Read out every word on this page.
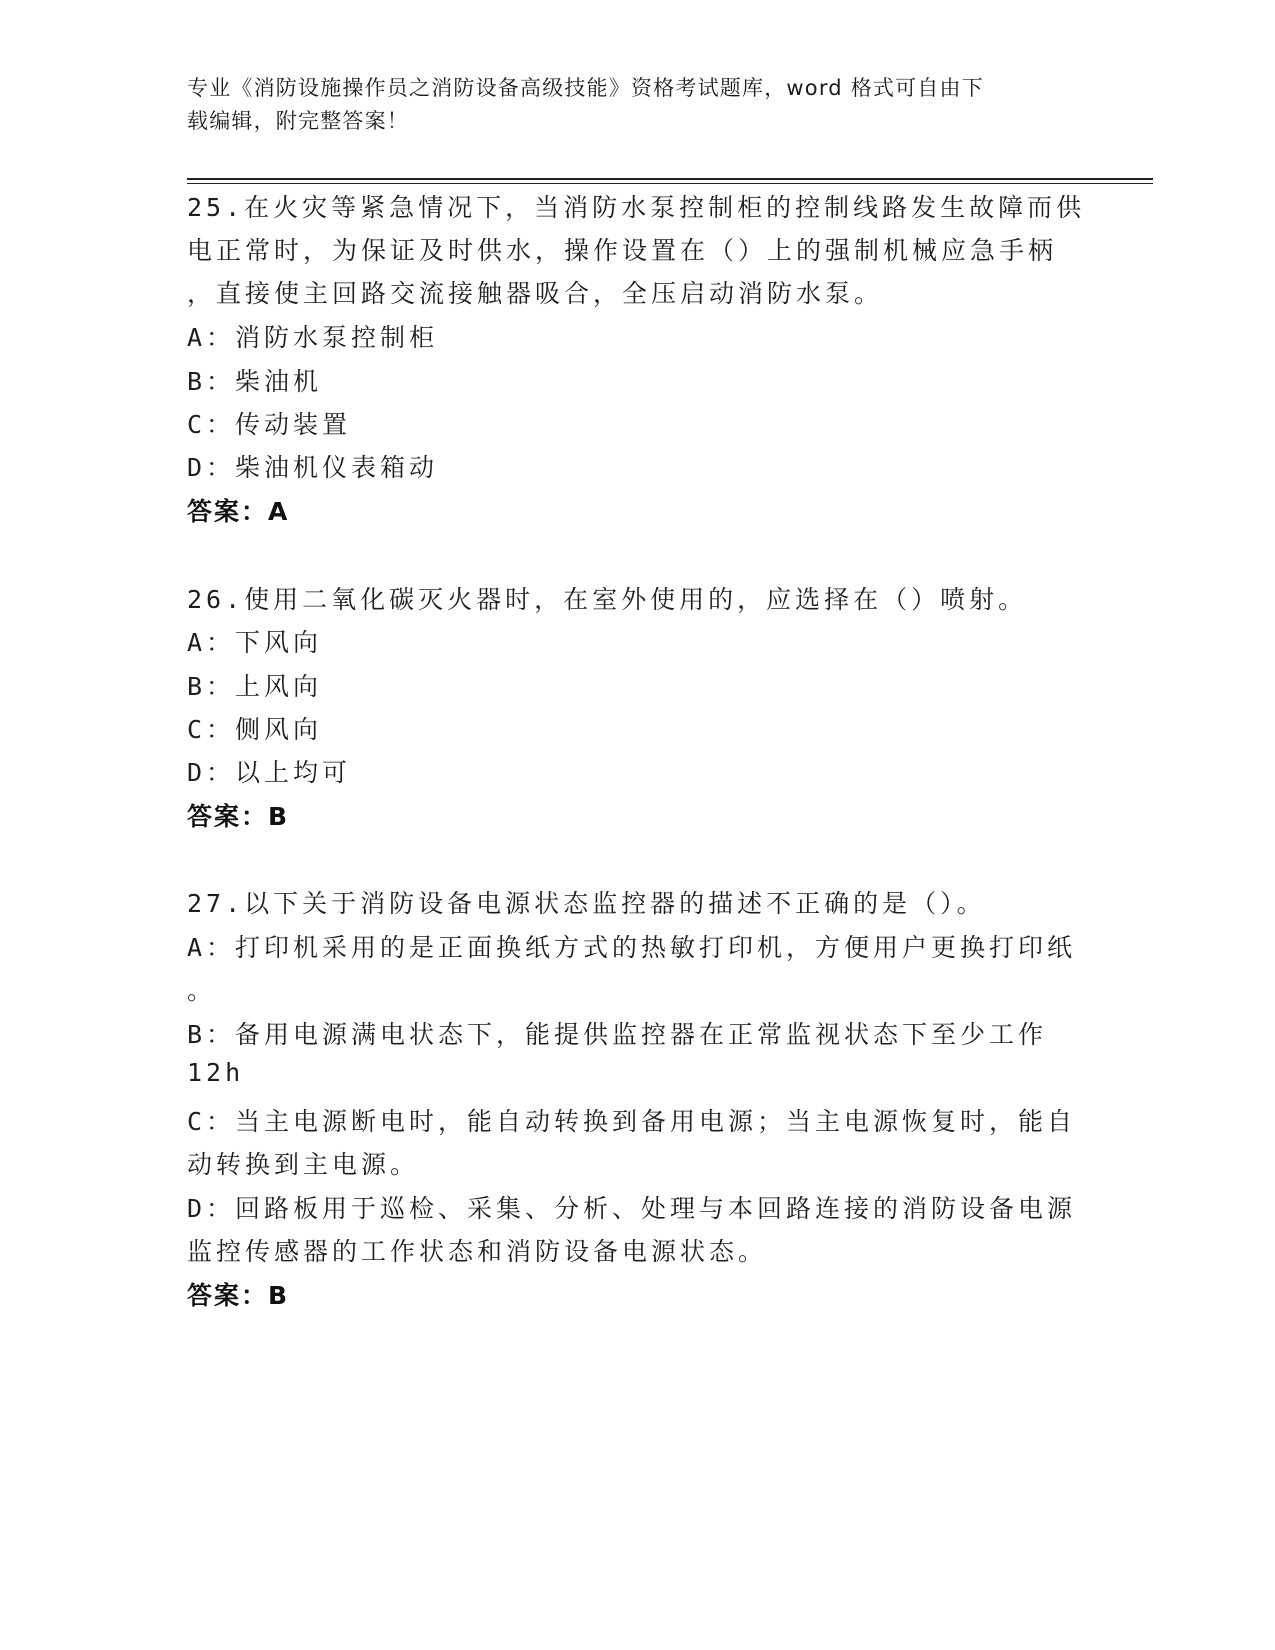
专业《消防设施操作员之消防设备高级技能》资格考试题库，word 格式可自由下
载编辑，附完整答案！
25.在火灾等紧急情况下，当消防水泵控制柜的控制线路发生故障而供
电正常时，为保证及时供水，操作设置在（）上的强制机械应急手柄
，直接使主回路交流接触器吸合，全压启动消防水泵。
A：消防水泵控制柜
B：柴油机
C：传动装置
D：柴油机仪表箱动
答案：A
26.使用二氧化碳灭火器时，在室外使用的，应选择在（）喷射。
A：下风向
B：上风向
C：侧风向
D：以上均可
答案：B
27.以下关于消防设备电源状态监控器的描述不正确的是（）。
A：打印机采用的是正面换纸方式的热敏打印机，方便用户更换打印纸
。
B：备用电源满电状态下，能提供监控器在正常监视状态下至少工作
12h
C：当主电源断电时，能自动转换到备用电源；当主电源恢复时，能自
动转换到主电源。
D：回路板用于巡检、采集、分析、处理与本回路连接的消防设备电源
监控传感器的工作状态和消防设备电源状态。
答案：B
